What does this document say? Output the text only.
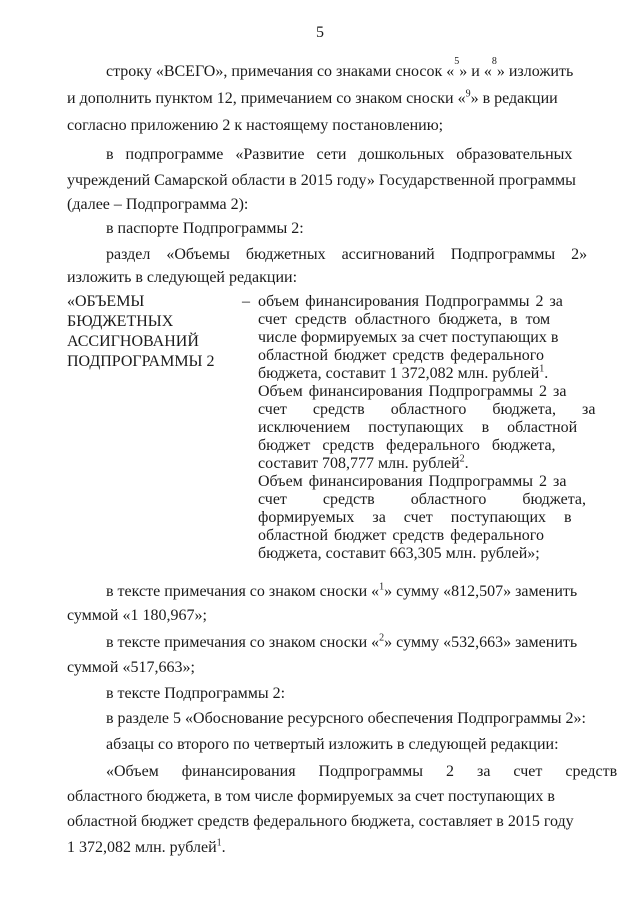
5
строку «ВСЕГО», примечания со знаками сносок «
5
» и «
8
» изложить
и дополнить пунктом 12, примечанием со знаком сноски «$^9$» в редакции
согласно приложению 2 к настоящему постановлению;
в подпрограмме «Развитие сети дошкольных образовательных
учреждений Самарской области в 2015 году» Государственной программы
(далее – Подпрограмма 2):
в паспорте Подпрограммы 2:
раздел «Объемы бюджетных ассигнований Подпрограммы 2»
изложить в следующей редакции:
«ОБЪЕМЫ
БЮДЖЕТНЫХ
АССИГНОВАНИЙ
ПОДПРОГРАММЫ 2
– объем финансирования Подпрограммы 2 за
счет средств областного бюджета, в том
числе формируемых за счет поступающих в
областной бюджет средств федерального
бюджета, составит 1 372,082 млн. рублей$^1$.
Объем финансирования Подпрограммы 2 за
счет средств областного бюджета, за
исключением поступающих в областной
бюджет средств федерального бюджета,
составит 708,777 млн. рублей$^2$.
Объем финансирования Подпрограммы 2 за
счет средств областного бюджета,
формируемых за счет поступающих в
областной бюджет средств федерального
бюджета, составит 663,305 млн. рублей»;
в тексте примечания со знаком сноски «$^1$» сумму «812,507» заменить
суммой «1 180,967»;
в тексте примечания со знаком сноски «$^2$» сумму «532,663» заменить
суммой «517,663»;
в тексте Подпрограммы 2:
в разделе 5 «Обоснование ресурсного обеспечения Подпрограммы 2»:
абзацы со второго по четвертый изложить в следующей редакции:
«Объем финансирования Подпрограммы 2 за счет средств
областного бюджета, в том числе формируемых за счет поступающих в
областной бюджет средств федерального бюджета, составляет в 2015 году
1 372,082 млн. рублей$^1$.
